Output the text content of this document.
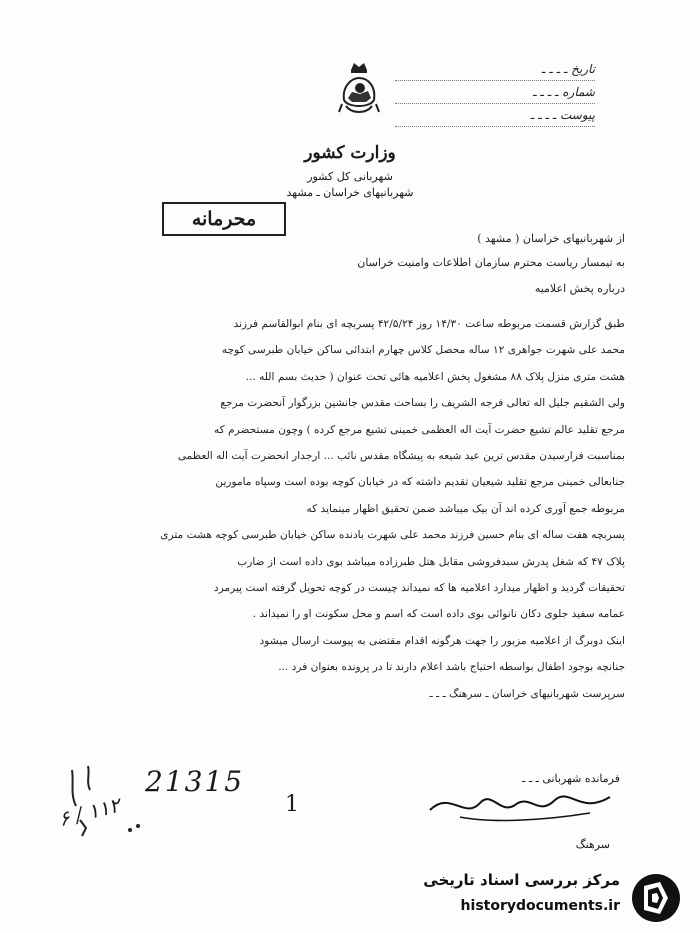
تاریخ ـ ـ ـ ـ
شماره ـ ـ ـ ـ
پیوست ـ ـ ـ ـ
وزارت کشور
شهربانی کل کشور
شهربانیهای خراسان ـ مشهد
محرمانه
از شهربانیهای خراسان ( مشهد )
به تیمسار ریاست محترم سازمان اطلاعات وامنیت خراسان
درباره پخش اعلامیه

طبق گزارش قسمت مربوطه ساعت ۱۴/۳۰ روز ۴۲/۵/۲۴ پسربچه ای بنام ابوالقاسم فرزند

محمد علی شهرت جواهری ۱۲ ساله محصل کلاس چهارم ابتدائی ساکن خیابان طبرسی کوچه

هشت متری منزل پلاک ۸۸ مشغول پخش اعلامیه هائی تحت عنوان ( حدیث بسم الله ...

ولی الشقیم جلیل اله تعالی فرجه الشریف را بساحت مقدس جانشین بزرگوار آنحضرت مرجع

مرجع تقلید عالم تشیع حضرت آیت اله العظمی خمینی تشیع مرجع کرده ) وچون مستحضرم که

بمناسبت فرارسیدن مقدس ترین عید شیعه به پیشگاه مقدس نائب ... ارجدار انحضرت آیت اله العظمی

جنابعالی خمینی مرجع تقلید شیعیان تقدیم داشته که در خیابان کوچه بوده است وسپاه مامورین

مربوطه جمع آوری کرده اند آن بیک میباشد ضمن تحقیق اظهار مینماید که

پسربچه هفت ساله ای بنام حسین فرزند محمد علی شهرت بادنده ساکن خیابان طبرسی کوچه هشت متری

پلاک ۴۷ که شغل پدرش سبدفروشی مقابل هتل طبرزاده میباشد بوی داده است از ضارب

تحقیقات گردید و اظهار میدارد اعلامیه ها که نمیداند چیست در کوچه تحویل گرفته است پیرمرد

عمامه سفید جلوی دکان نانوائی بوی داده است که اسم و محل سکونت او را نمیداند .

اینک دوبرگ از اعلامیه مزبور را جهت هرگونه اقدام مقتضی به پیوست ارسال میشود

جنانچه بوجود اطفال بواسطه احتیاج باشد اعلام دارند تا در پرونده بعنوان فرد ...

سرپرست شهربانیهای خراسان ـ سرهنگ ـ ـ ـ

21315
1
۱۱۲ / ۶
فرمانده شهربانی ـ ـ ـ
سرهنگ
مرکز بررسی اسناد تاریخی
historydocuments.ir
